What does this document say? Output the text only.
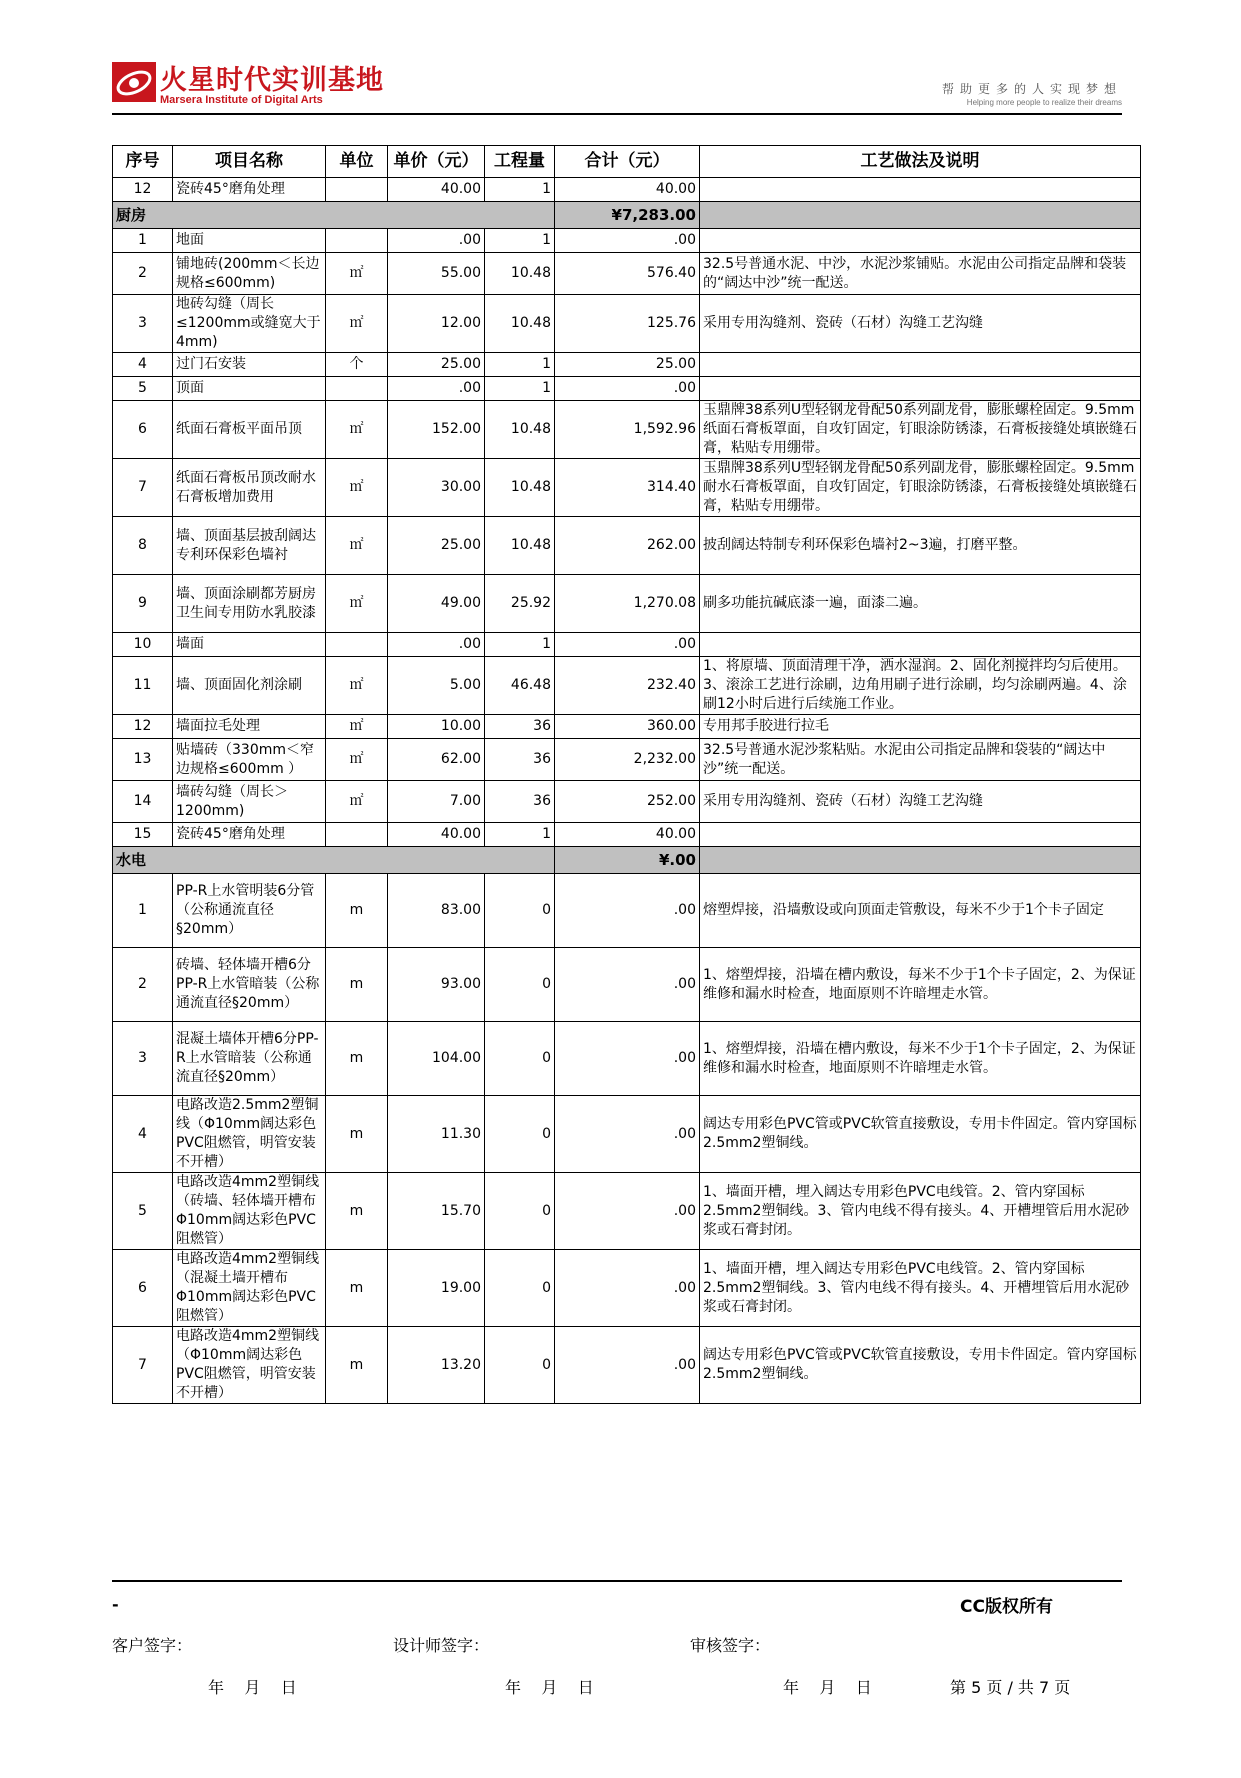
火星时代实训基地
Marsera Institute of Digital Arts
帮助更多的人实现梦想
Helping more people to realize their dreams
序号	项目名称	单位	单价（元）	工程量	合计（元）	工艺做法及说明
12	瓷砖45°磨角处理		40.00	1	40.00	
厨房					¥7,283.00	
1	地面		.00	1	.00	
2	铺地砖(200mm＜长边规格≤600mm)	㎡	55.00	10.48	576.40	32.5号普通水泥、中沙，水泥沙浆铺贴。水泥由公司指定品牌和袋装的“阔达中沙”统一配送。
3	地砖勾缝（周长≤1200mm或缝宽大于4mm)	㎡	12.00	10.48	125.76	采用专用沟缝剂、瓷砖（石材）沟缝工艺沟缝
4	过门石安装	个	25.00	1	25.00	
5	顶面		.00	1	.00	
6	纸面石膏板平面吊顶	㎡	152.00	10.48	1,592.96	玉鼎牌38系列U型轻钢龙骨配50系列副龙骨，膨胀螺栓固定。9.5mm纸面石膏板罩面，自攻钉固定，钉眼涂防锈漆，石膏板接缝处填嵌缝石膏，粘贴专用绷带。
7	纸面石膏板吊顶改耐水石膏板增加费用	㎡	30.00	10.48	314.40	玉鼎牌38系列U型轻钢龙骨配50系列副龙骨，膨胀螺栓固定。9.5mm耐水石膏板罩面，自攻钉固定，钉眼涂防锈漆，石膏板接缝处填嵌缝石膏，粘贴专用绷带。
8	墙、顶面基层披刮阔达专利环保彩色墙衬	㎡	25.00	10.48	262.00	披刮阔达特制专利环保彩色墙衬2~3遍，打磨平整。
9	墙、顶面涂刷都芳厨房卫生间专用防水乳胶漆	㎡	49.00	25.92	1,270.08	刷多功能抗碱底漆一遍，面漆二遍。
10	墙面		.00	1	.00	
11	墙、顶面固化剂涂刷	㎡	5.00	46.48	232.40	1、将原墙、顶面清理干净，洒水湿润。2、固化剂搅拌均匀后使用。3、滚涂工艺进行涂刷，边角用刷子进行涂刷，均匀涂刷两遍。4、涂刷12小时后进行后续施工作业。
12	墙面拉毛处理	㎡	10.00	36	360.00	专用邦手胶进行拉毛
13	贴墙砖（330mm＜窄边规格≤600mm ）	㎡	62.00	36	2,232.00	32.5号普通水泥沙浆粘贴。水泥由公司指定品牌和袋装的“阔达中沙”统一配送。
14	墙砖勾缝（周长＞1200mm)	㎡	7.00	36	252.00	采用专用沟缝剂、瓷砖（石材）沟缝工艺沟缝
15	瓷砖45°磨角处理		40.00	1	40.00	
水电					¥.00	
1	PP-R上水管明装6分管（公称通流直径§20mm）	m	83.00	0	.00	熔塑焊接，沿墙敷设或向顶面走管敷设，每米不少于1个卡子固定
2	砖墙、轻体墙开槽6分PP-R上水管暗装（公称通流直径§20mm）	m	93.00	0	.00	1、熔塑焊接，沿墙在槽内敷设，每米不少于1个卡子固定，2、为保证维修和漏水时检查，地面原则不许暗埋走水管。
3	混凝土墙体开槽6分PP-R上水管暗装（公称通流直径§20mm）	m	104.00	0	.00	1、熔塑焊接，沿墙在槽内敷设，每米不少于1个卡子固定，2、为保证维修和漏水时检查，地面原则不许暗埋走水管。
4	电路改造2.5mm2塑铜线（Φ10mm阔达彩色PVC阻燃管，明管安装不开槽）	m	11.30	0	.00	阔达专用彩色PVC管或PVC软管直接敷设，专用卡件固定。管内穿国标2.5mm2塑铜线。
5	电路改造4mm2塑铜线（砖墙、轻体墙开槽布Φ10mm阔达彩色PVC阻燃管）	m	15.70	0	.00	1、墙面开槽，埋入阔达专用彩色PVC电线管。2、管内穿国标2.5mm2塑铜线。3、管内电线不得有接头。4、开槽埋管后用水泥砂浆或石膏封闭。
6	电路改造4mm2塑铜线（混凝土墙开槽布Φ10mm阔达彩色PVC阻燃管）	m	19.00	0	.00	1、墙面开槽，埋入阔达专用彩色PVC电线管。2、管内穿国标2.5mm2塑铜线。3、管内电线不得有接头。4、开槽埋管后用水泥砂浆或石膏封闭。
7	电路改造4mm2塑铜线（Φ10mm阔达彩色PVC阻燃管，明管安装不开槽）	m	13.20	0	.00	阔达专用彩色PVC管或PVC软管直接敷设，专用卡件固定。管内穿国标2.5mm2塑铜线。
-	CC版权所有
客户签字：	设计师签字：	审核签字：
年    月    日	年    月    日	年    月    日	第 5 页 / 共 7 页
